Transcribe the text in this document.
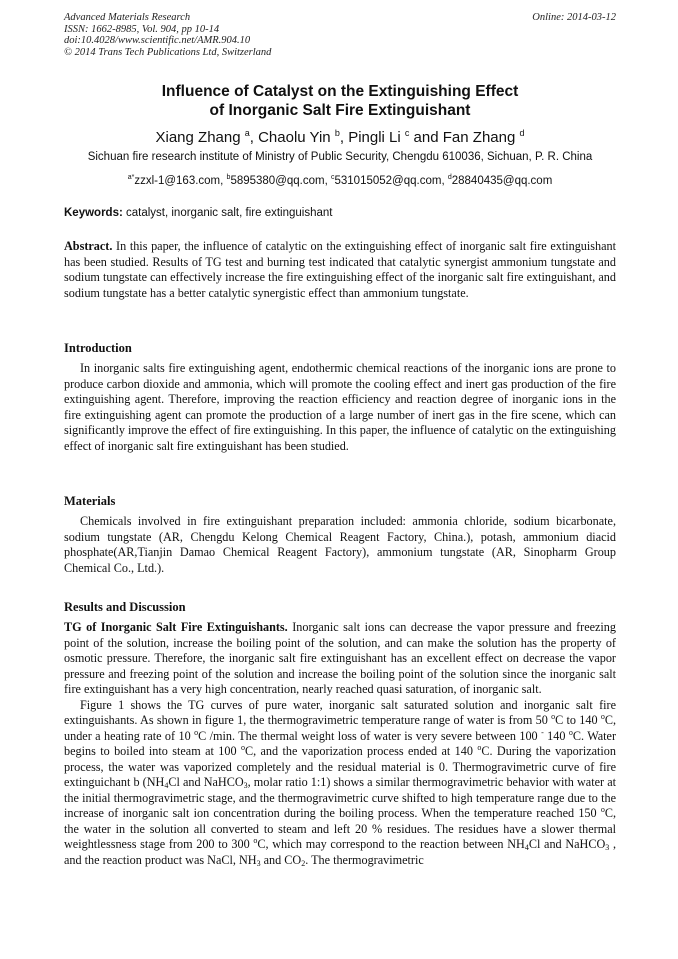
Advanced Materials Research
ISSN: 1662-8985, Vol. 904, pp 10-14
doi:10.4028/www.scientific.net/AMR.904.10
© 2014 Trans Tech Publications Ltd, Switzerland
Online: 2014-03-12
Influence of Catalyst on the Extinguishing Effect
of Inorganic Salt Fire Extinguishant
Xiang Zhang $^a$, Chaolu Yin $^b$, Pingli Li $^c$ and Fan Zhang $^d$
Sichuan fire research institute of Ministry of Public Security, Chengdu 610036, Sichuan, P. R. China
$^{a*}$zzxl-1@163.com, $^b$5895380@qq.com, $^c$531015052@qq.com, $^d$28840435@qq.com
Keywords: catalyst, inorganic salt, fire extinguishant

Abstract. In this paper, the influence of catalytic on the extinguishing effect of inorganic salt fire extinguishant has been studied. Results of TG test and burning test indicated that catalytic synergist ammonium tungstate and sodium tungstate can effectively increase the fire extinguishing effect of the inorganic salt fire extinguishant, and sodium tungstate has a better catalytic synergistic effect than ammonium tungstate.

Introduction

In inorganic salts fire extinguishing agent, endothermic chemical reactions of the inorganic ions are prone to produce carbon dioxide and ammonia, which will promote the cooling effect and inert gas production of the fire extinguishing agent. Therefore, improving the reaction efficiency and reaction degree of inorganic ions in the fire extinguishing agent can promote the production of a large number of inert gas in the fire scene, which can significantly improve the effect of fire extinguishing. In this paper, the influence of catalytic on the extinguishing effect of inorganic salt fire extinguishant has been studied.

Materials

Chemicals involved in fire extinguishant preparation included: ammonia chloride, sodium bicarbonate, sodium tungstate (AR, Chengdu Kelong Chemical Reagent Factory, China.), potash, ammonium diacid phosphate(AR,Tianjin Damao Chemical Reagent Factory), ammonium tungstate (AR, Sinopharm Group Chemical Co., Ltd.).

Results and Discussion

TG of Inorganic Salt Fire Extinguishants. Inorganic salt ions can decrease the vapor pressure and freezing point of the solution, increase the boiling point of the solution, and can make the solution has the property of osmotic pressure. Therefore, the inorganic salt fire extinguishant has an excellent effect on decrease the vapor pressure and freezing point of the solution and increase the boiling point of the solution since the inorganic salt fire extinguishant has a very high concentration, nearly reached quasi saturation, of inorganic salt.

Figure 1 shows the TG curves of pure water, inorganic salt saturated solution and inorganic salt fire extinguishants. As shown in figure 1, the thermogravimetric temperature range of water is from 50 $^o$C to 140 $^o$C, under a heating rate of 10 $^o$C /min. The thermal weight loss of water is very severe between 100 - 140 $^o$C. Water begins to boiled into steam at 100 $^o$C, and the vaporization process ended at 140 $^o$C. During the vaporization process, the water was vaporized completely and the residual material is 0. Thermogravimetric curve of fire extinguichant b ($NH_4Cl$ and NaHCO$_3$, molar ratio 1:1) shows a similar thermogravimetric behavior with water at the initial thermogravimetric stage, and the thermogravimetric curve shifted to high temperature range due to the increase of inorganic salt ion concentration during the boiling process. When the temperature reached 150 $^o$C, the water in the solution all converted to steam and left 20 % residues. The residues have a slower thermal weightlessness stage from 200 to 300 $^o$C, which may correspond to the reaction between $NH_4Cl$ and NaHCO$_3$ , and the reaction product was NaCl, $NH_3$ and $CO_2$. The thermogravimetric
